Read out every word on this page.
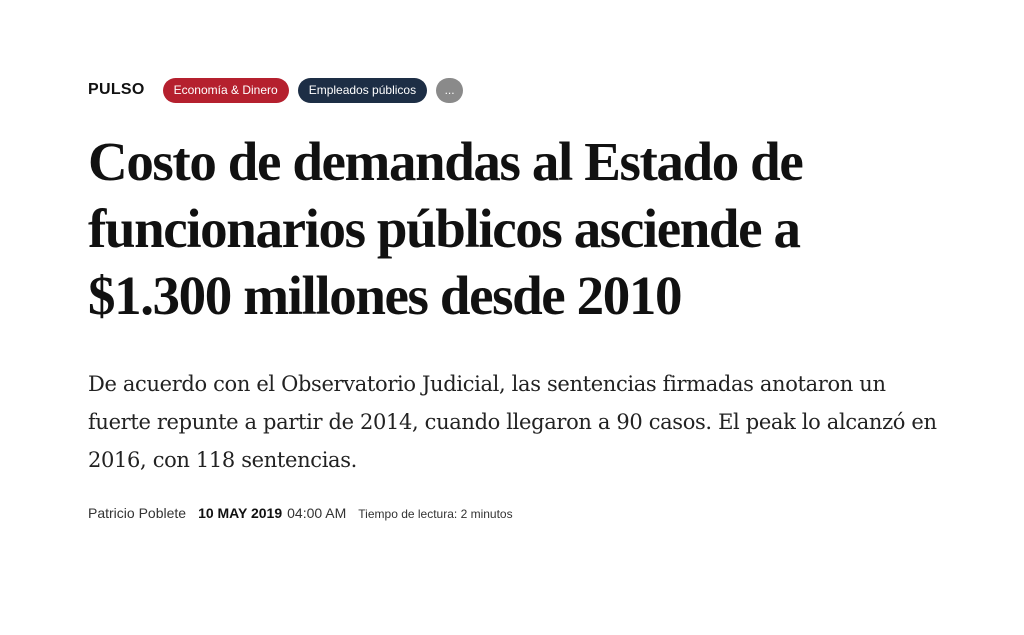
PULSO	Economía & Dinero	Empleados públicos	...
Costo de demandas al Estado de funcionarios públicos asciende a $1.300 millones desde 2010

De acuerdo con el Observatorio Judicial, las sentencias firmadas anotaron un fuerte repunte a partir de 2014, cuando llegaron a 90 casos. El peak lo alcanzó en 2016, con 118 sentencias.

Patricio Poblete 10 MAY 2019 04:00 AM Tiempo de lectura: 2 minutos
